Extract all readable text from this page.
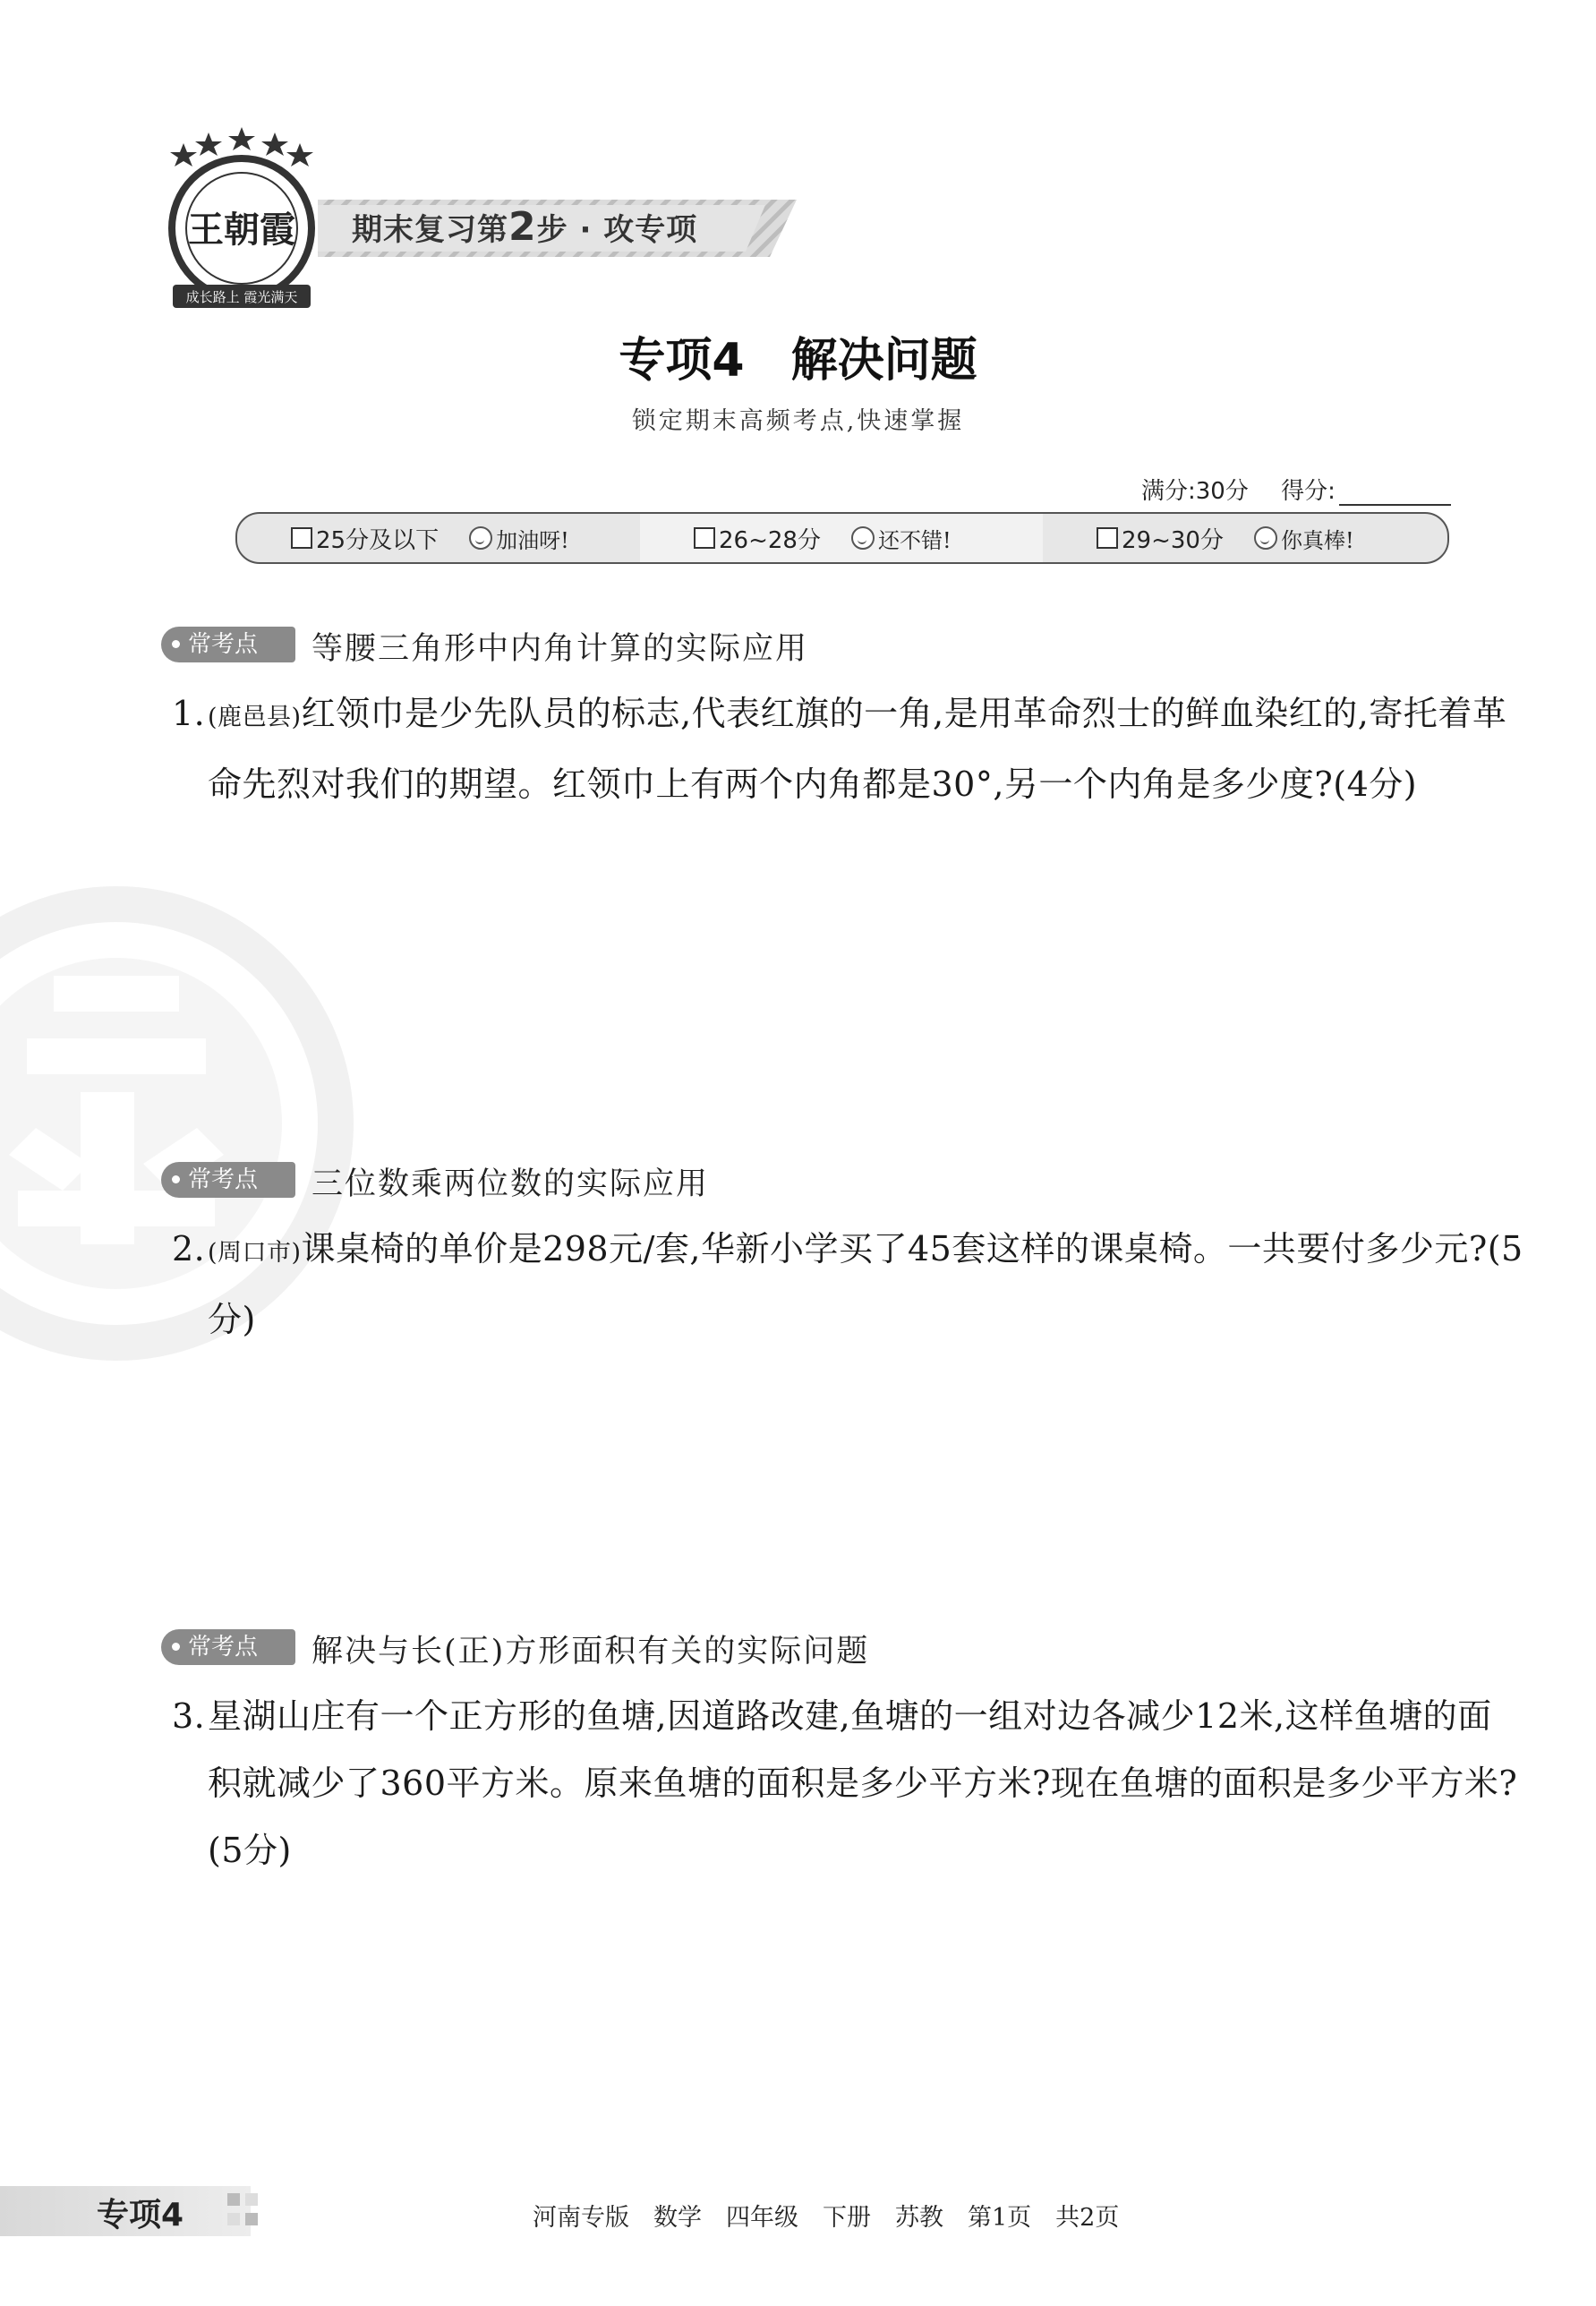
王朝霞
成长路上 霞光满天
期末复习第2步 · 攻专项
专项4　解决问题
锁定期末高频考点,快速掌握
满分:30分 得分:
25分及以下	加油呀!	26~28分	还不错!	29~30分	你真棒!
常考点	等腰三角形中内角计算的实际应用
1. (鹿邑县)红领巾是少先队员的标志,代表红旗的一角,是用革命烈士的鲜血染红的,寄托着革命先烈对我们的期望。红领巾上有两个内角都是30°,另一个内角是多少度?(4分)
常考点	三位数乘两位数的实际应用
2. (周口市)课桌椅的单价是298元/套,华新小学买了45套这样的课桌椅。一共要付多少元?(5分)
常考点	解决与长(正)方形面积有关的实际问题
3. 星湖山庄有一个正方形的鱼塘,因道路改建,鱼塘的一组对边各减少12米,这样鱼塘的面积就减少了360平方米。原来鱼塘的面积是多少平方米?现在鱼塘的面积是多少平方米?(5分)
专项4	河南专版　数学　四年级　下册　苏教　第1页　共2页
